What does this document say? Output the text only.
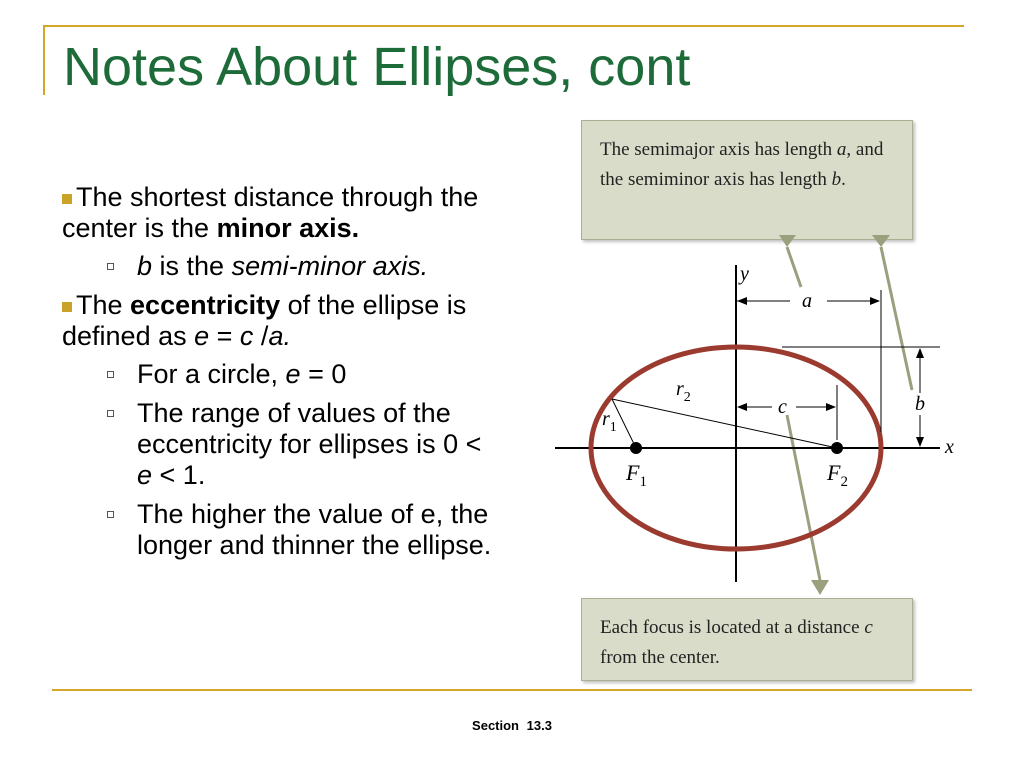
Notes About Ellipses, cont
The shortest distance through the center is the minor axis.
b is the semi-minor axis.
The eccentricity of the ellipse is defined as e = c /a.
For a circle, e = 0
The range of values of the eccentricity for ellipses is 0 < e < 1.
The higher the value of e, the longer and thinner the ellipse.
The semimajor axis has length a, and the semiminor axis has length b.
Each focus is located at a distance c from the center.
y
x
a
b
c
$r_1$
$r_2$
$F_1$	$F_2$
Section 13.3
